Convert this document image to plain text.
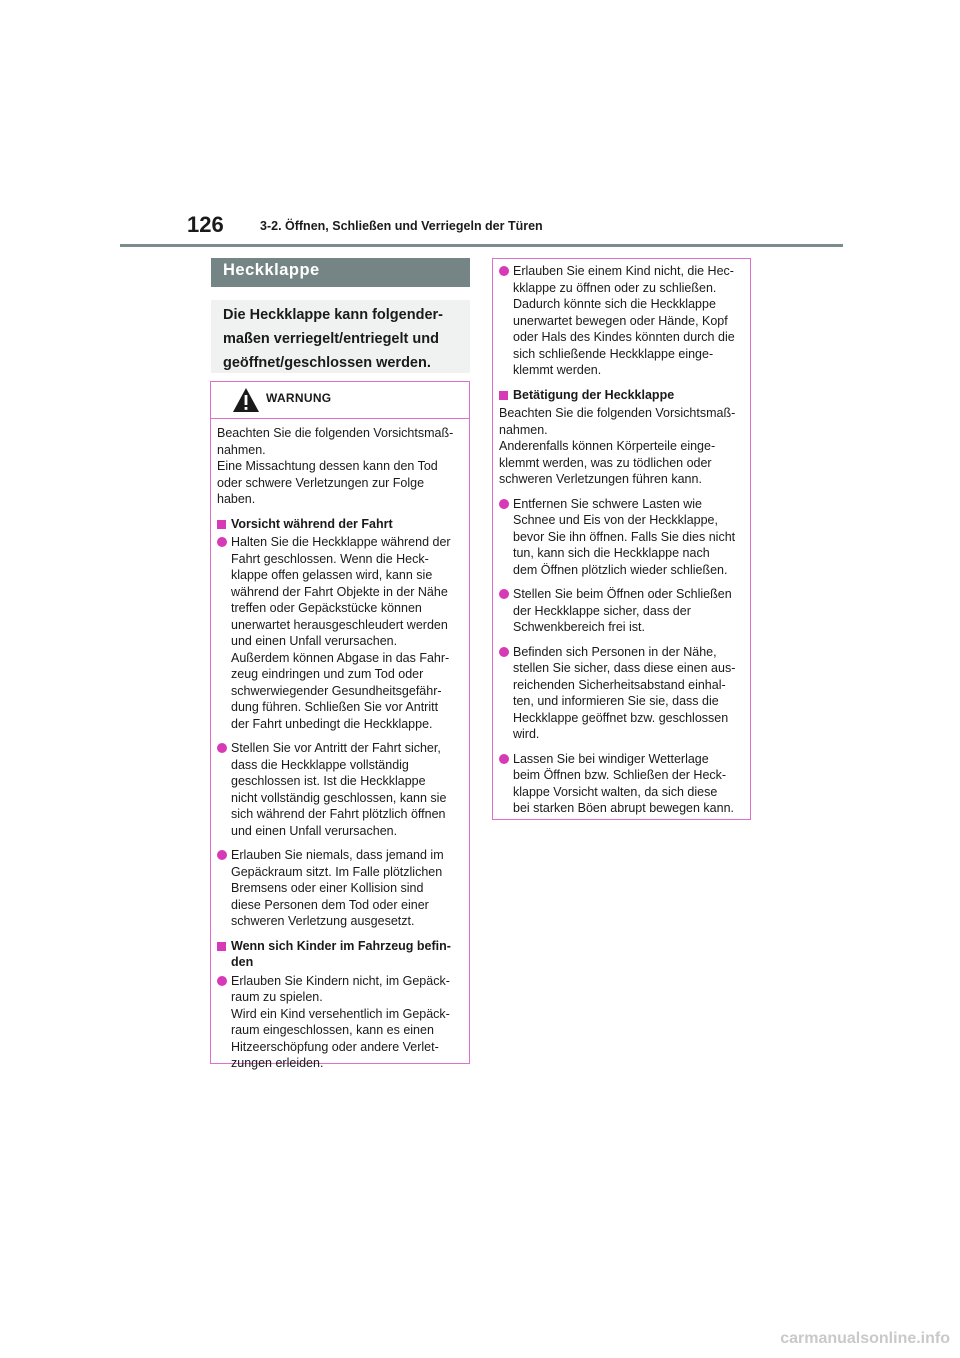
126	3-2. Öffnen, Schließen und Verriegeln der Türen
Heckklappe
Die Heckklappe kann folgender-
maßen verriegelt/entriegelt und
geöffnet/geschlossen werden.
WARNUNG
Beachten Sie die folgenden Vorsichtsmaß-
nahmen.
Eine Missachtung dessen kann den Tod
oder schwere Verletzungen zur Folge
haben.
Vorsicht während der Fahrt
Halten Sie die Heckklappe während der
Fahrt geschlossen. Wenn die Heck-
klappe offen gelassen wird, kann sie
während der Fahrt Objekte in der Nähe
treffen oder Gepäckstücke können
unerwartet herausgeschleudert werden
und einen Unfall verursachen.
Außerdem können Abgase in das Fahr-
zeug eindringen und zum Tod oder
schwerwiegender Gesundheitsgefähr-
dung führen. Schließen Sie vor Antritt
der Fahrt unbedingt die Heckklappe.
Stellen Sie vor Antritt der Fahrt sicher,
dass die Heckklappe vollständig
geschlossen ist. Ist die Heckklappe
nicht vollständig geschlossen, kann sie
sich während der Fahrt plötzlich öffnen
und einen Unfall verursachen.
Erlauben Sie niemals, dass jemand im
Gepäckraum sitzt. Im Falle plötzlichen
Bremsens oder einer Kollision sind
diese Personen dem Tod oder einer
schweren Verletzung ausgesetzt.
Wenn sich Kinder im Fahrzeug befin-
den
Erlauben Sie Kindern nicht, im Gepäck-
raum zu spielen.
Wird ein Kind versehentlich im Gepäck-
raum eingeschlossen, kann es einen
Hitzeerschöpfung oder andere Verlet-
zungen erleiden.
Erlauben Sie einem Kind nicht, die Hec-
kklappe zu öffnen oder zu schließen.
Dadurch könnte sich die Heckklappe
unerwartet bewegen oder Hände, Kopf
oder Hals des Kindes könnten durch die
sich schließende Heckklappe einge-
klemmt werden.
Betätigung der Heckklappe
Beachten Sie die folgenden Vorsichtsmaß-
nahmen.
Anderenfalls können Körperteile einge-
klemmt werden, was zu tödlichen oder
schweren Verletzungen führen kann.
Entfernen Sie schwere Lasten wie
Schnee und Eis von der Heckklappe,
bevor Sie ihn öffnen. Falls Sie dies nicht
tun, kann sich die Heckklappe nach
dem Öffnen plötzlich wieder schließen.
Stellen Sie beim Öffnen oder Schließen
der Heckklappe sicher, dass der
Schwenkbereich frei ist.
Befinden sich Personen in der Nähe,
stellen Sie sicher, dass diese einen aus-
reichenden Sicherheitsabstand einhal-
ten, und informieren Sie sie, dass die
Heckklappe geöffnet bzw. geschlossen
wird.
Lassen Sie bei windiger Wetterlage
beim Öffnen bzw. Schließen der Heck-
klappe Vorsicht walten, da sich diese
bei starken Böen abrupt bewegen kann.
carmanualsonline.info
